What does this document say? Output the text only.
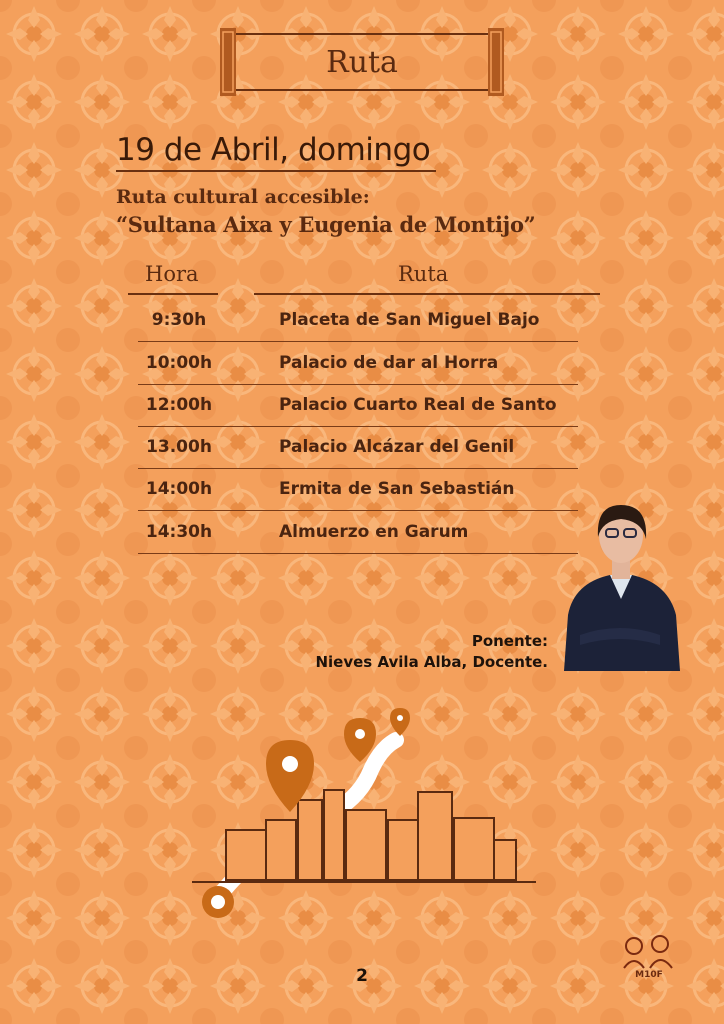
Ruta
19 de Abril, domingo
Ruta cultural accesible:
“Sultana Aixa y Eugenia de Montijo”
Hora	Ruta
9:30h	Placeta de San Miguel Bajo
10:00h	Palacio de dar al Horra
12:00h	Palacio Cuarto Real de Santo
13.00h	Palacio Alcázar del Genil
14:00h	Ermita de San Sebastián
14:30h	Almuerzo en Garum
Ponente:
Nieves Avila Alba, Docente.
2	M10F
